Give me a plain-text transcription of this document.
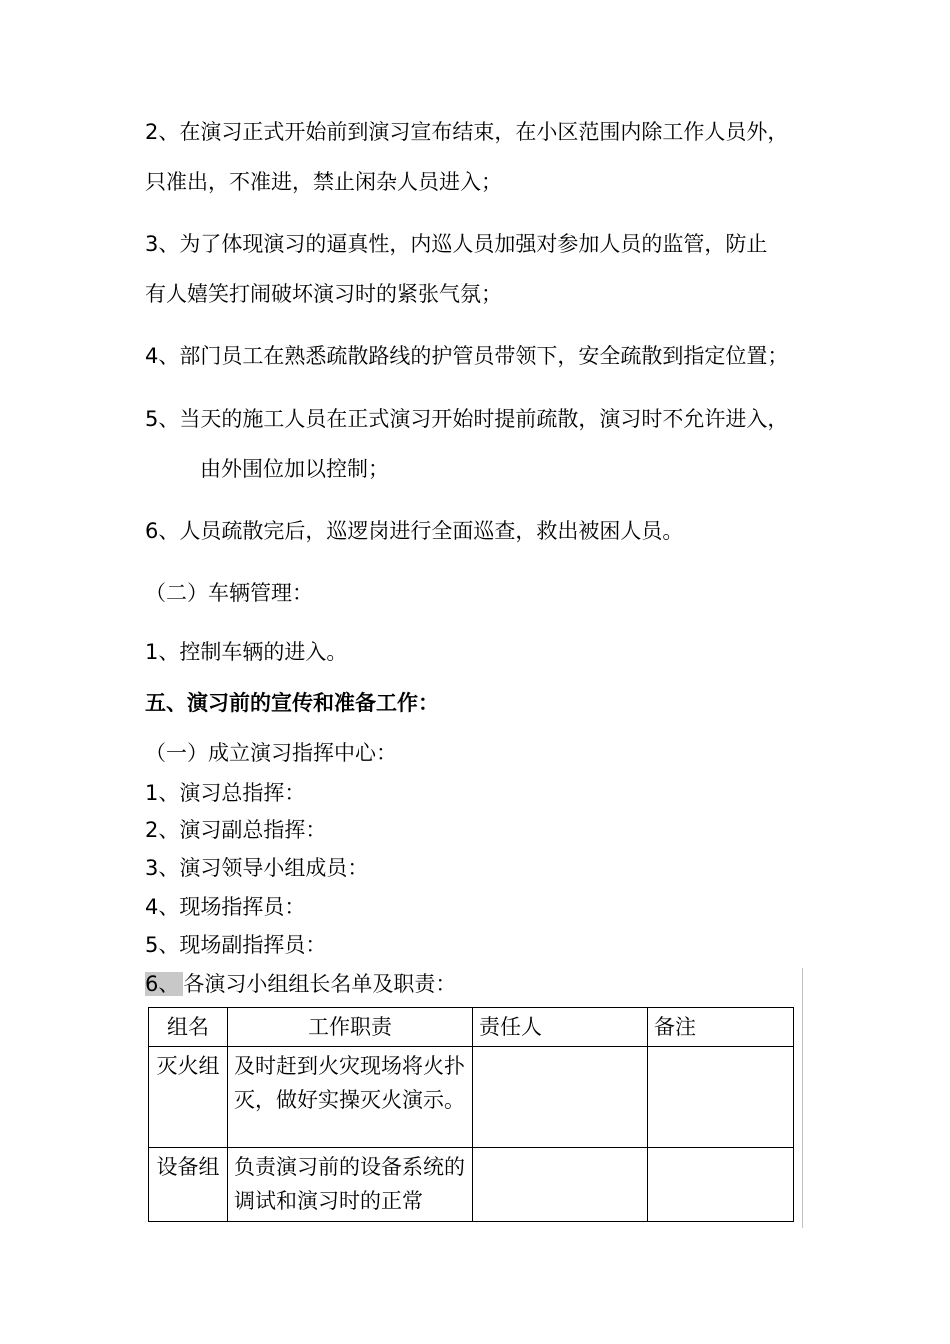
2、在演习正式开始前到演习宣布结束，在小区范围内除工作人员外，
只准出，不准进，禁止闲杂人员进入；
3、为了体现演习的逼真性，内巡人员加强对参加人员的监管，防止
有人嬉笑打闹破坏演习时的紧张气氛；
4、部门员工在熟悉疏散路线的护管员带领下，安全疏散到指定位置；
5、当天的施工人员在正式演习开始时提前疏散，演习时不允许进入，
由外围位加以控制；
6、人员疏散完后，巡逻岗进行全面巡查，救出被困人员。
（二）车辆管理：
1、控制车辆的进入。
五、演习前的宣传和准备工作：
（一）成立演习指挥中心：
1、演习总指挥：
2、演习副总指挥：
3、演习领导小组成员：
4、现场指挥员：
5、现场副指挥员：
6、 各演习小组组长名单及职责：
组名	工作职责	责任人	备注
灭火组	及时赶到火灾现场将火扑灭，做好实操灭火演示。		
设备组	负责演习前的设备系统的调试和演习时的正常		
